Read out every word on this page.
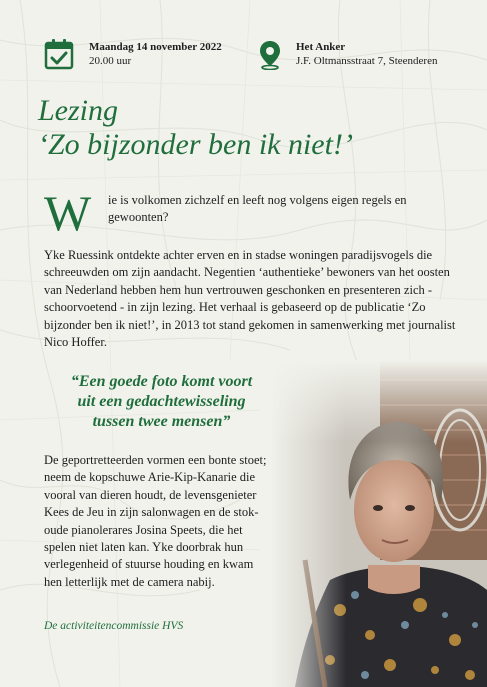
Maandag 14 november 2022
20.00 uur
Het Anker
J.F. Oltmansstraat 7, Steenderen
Lezing
‘Zo bijzonder ben ik niet!’
W ie is volkomen zichzelf en leeft nog volgens eigen regels en gewoonten?

Yke Ruessink ontdekte achter erven en in stadse woningen paradijsvogels die schreeuwden om zijn aandacht. Negentien ‘authentieke’ bewoners van het oosten van Nederland hebben hem hun vertrouwen geschonken en presenteren zich - schoorvoetend - in zijn lezing. Het verhaal is gebaseerd op de publicatie ‘Zo bijzonder ben ik niet!’, in 2013 tot stand gekomen in samenwerking met journalist Nico Hoffer.

“Een goede foto komt voort
uit een gedachtewisseling
tussen twee mensen”

De geportretteerden vormen een bonte stoet;
neem de kopschuwe Arie-Kip-Kanarie die
vooral van dieren houdt, de levensgenieter
Kees de Jeu in zijn salonwagen en de stok-
oude pianolerares Josina Speets, die het
spelen niet laten kan. Yke doorbrak hun
verlegenheid of stuurse houding en kwam
hen letterlijk met de camera nabij.

De activiteitencommissie HVS
